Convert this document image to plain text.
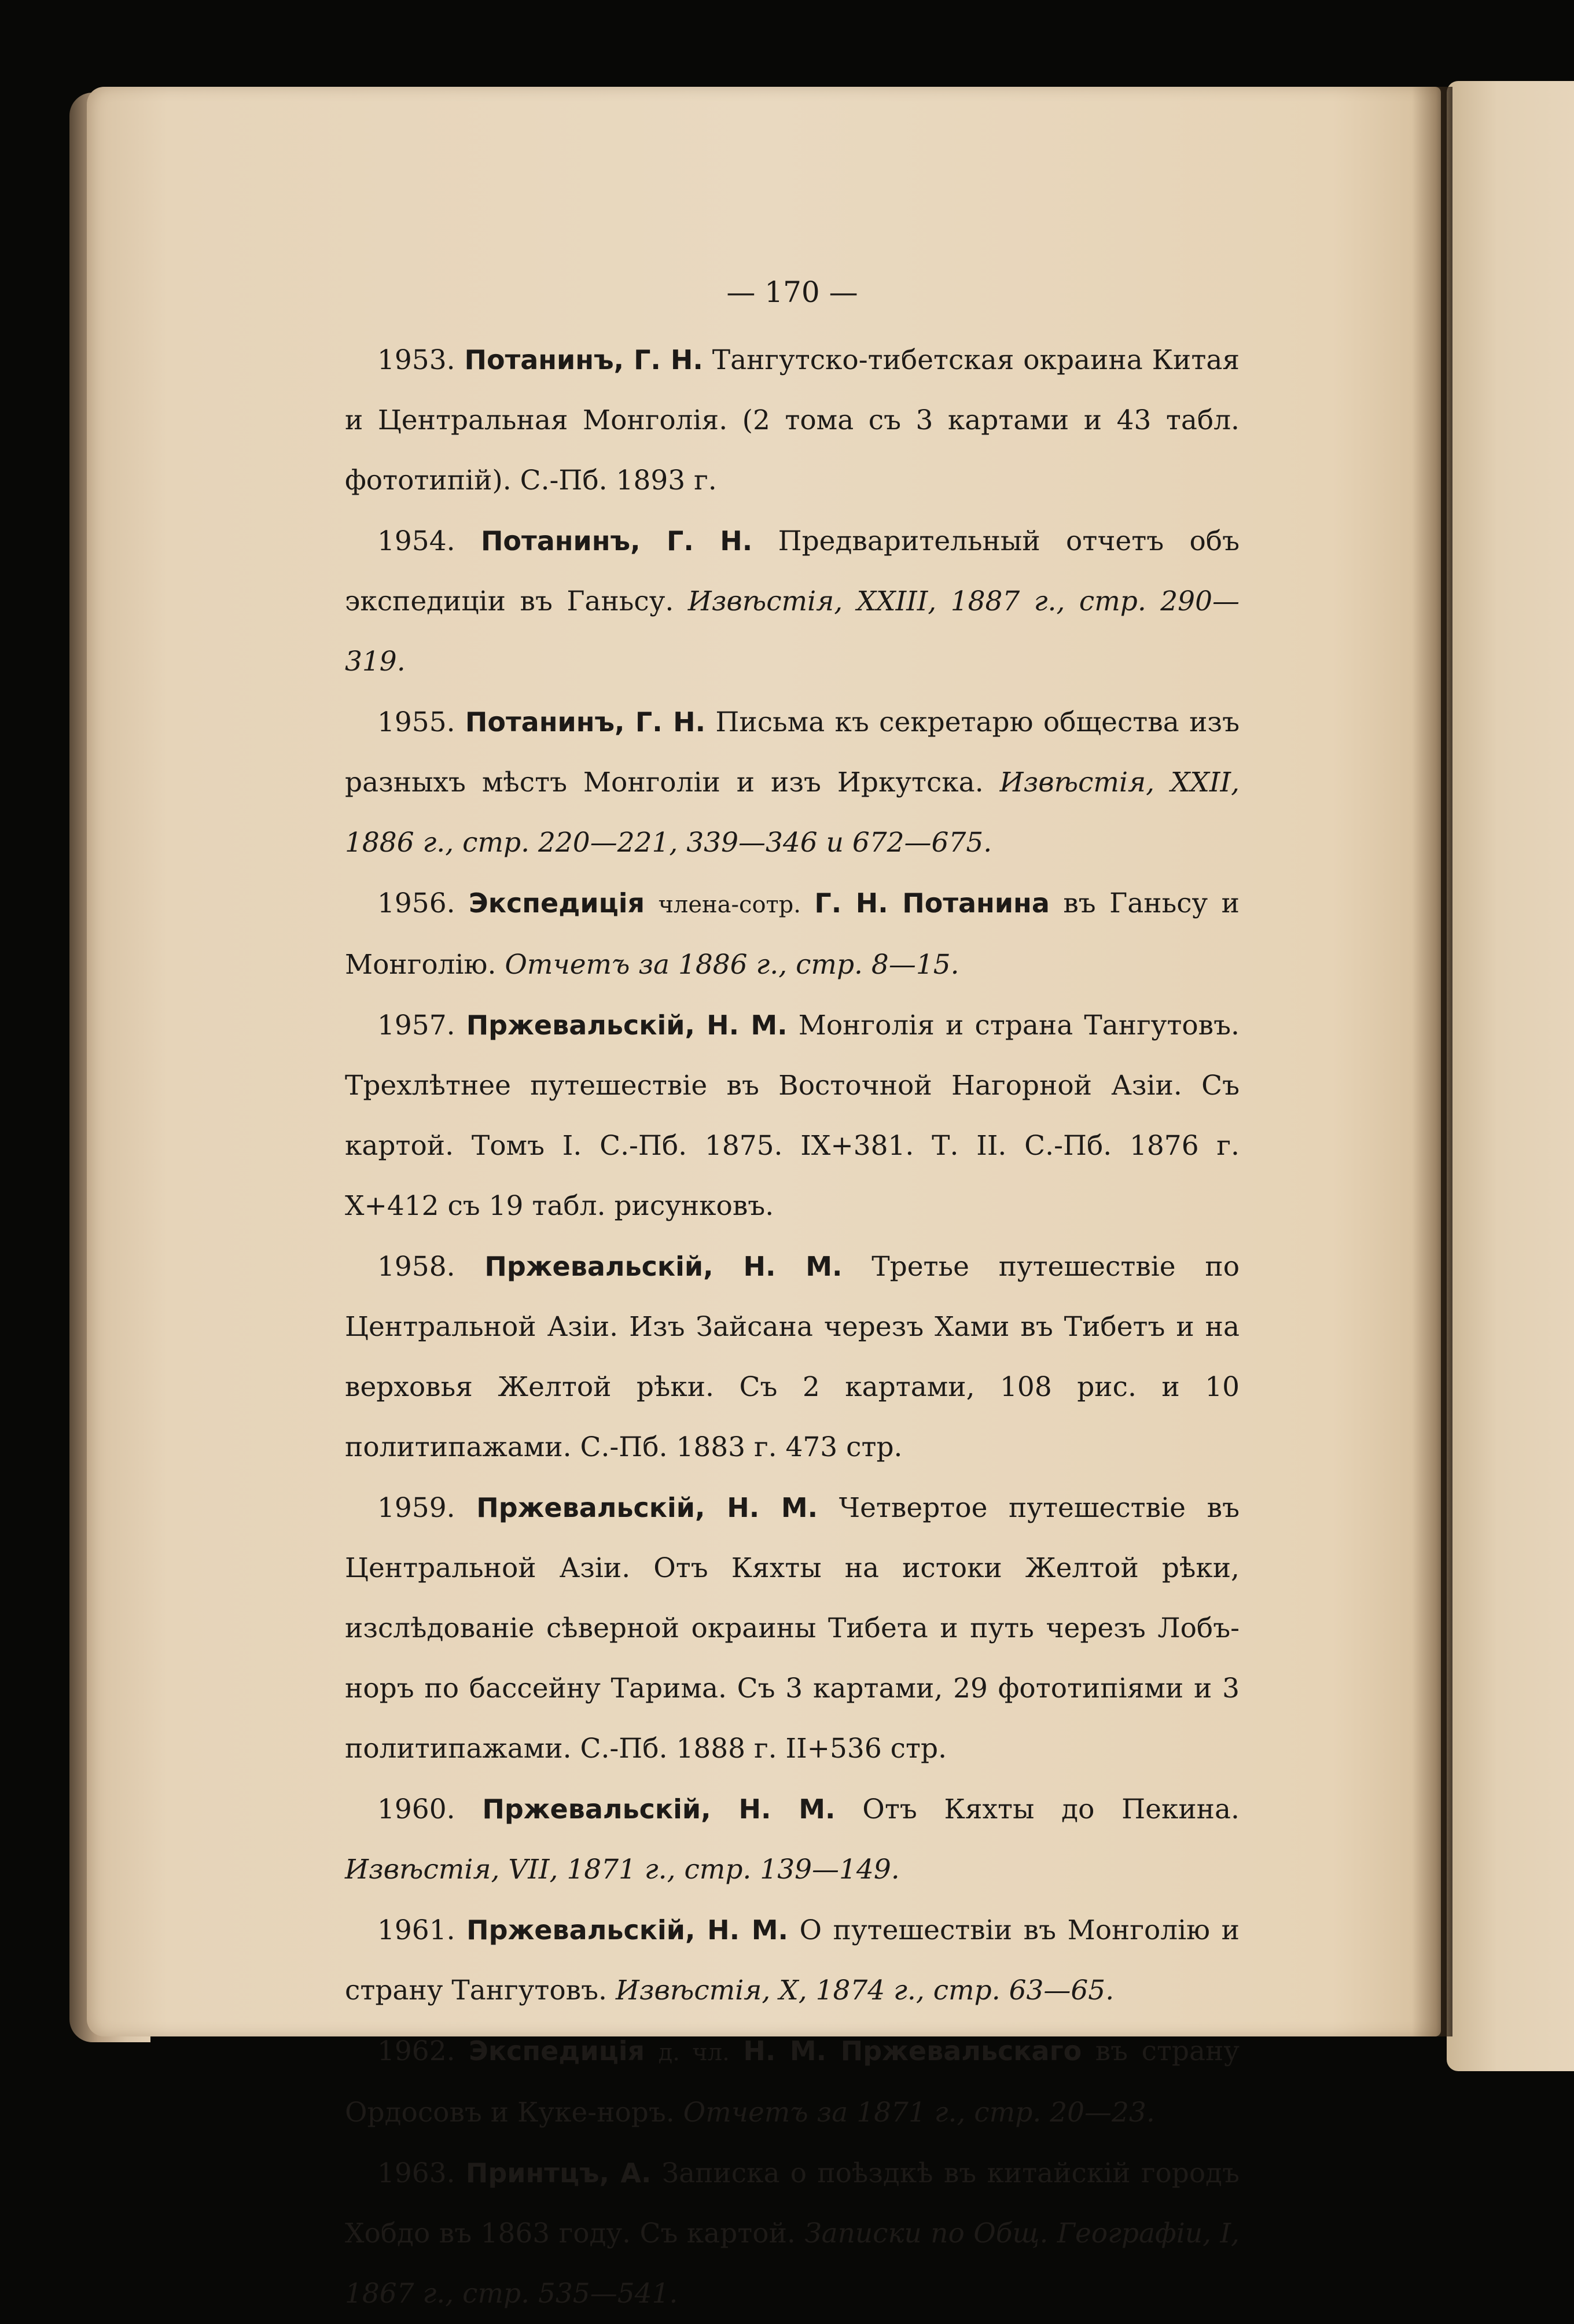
— 170 —

1953. Потанинъ, Г. Н. Тангутско-тибетская окраина Китая и Центральная Монголія. (2 тома съ 3 картами и 43 табл. фототипій). С.-Пб. 1893 г.

1954. Потанинъ, Г. Н. Предварительный отчетъ объ экспедиціи въ Ганьсу. Извѣстія, XXIII, 1887 г., стр. 290—319.

1955. Потанинъ, Г. Н. Письма къ секретарю общества изъ разныхъ мѣстъ Монголіи и изъ Иркутска. Извѣстія, XXII, 1886 г., стр. 220—221, 339—346 и 672—675.

1956. Экспедиція члена-сотр. Г. Н. Потанина въ Ганьсу и Монголію. Отчетъ за 1886 г., стр. 8—15.

1957. Пржевальскій, Н. М. Монголія и страна Тангутовъ. Трехлѣтнее путешествіе въ Восточной Нагорной Азіи. Съ картой. Томъ I. С.-Пб. 1875. IX+381. Т. II. С.-Пб. 1876 г. X+412 съ 19 табл. рисунковъ.

1958. Пржевальскій, Н. М. Третье путешествіе по Центральной Азіи. Изъ Зайсана черезъ Хами въ Тибетъ и на верховья Желтой рѣки. Съ 2 картами, 108 рис. и 10 политипажами. С.-Пб. 1883 г. 473 стр.

1959. Пржевальскій, Н. М. Четвертое путешествіе въ Центральной Азіи. Отъ Кяхты на истоки Желтой рѣки, изслѣдованіе сѣверной окраины Тибета и путь черезъ Лобъ-норъ по бассейну Тарима. Съ 3 картами, 29 фототипіями и 3 политипажами. С.-Пб. 1888 г. II+536 стр.

1960. Пржевальскій, Н. М. Отъ Кяхты до Пекина. Извѣстія, VII, 1871 г., стр. 139—149.

1961. Пржевальскій, Н. М. О путешествіи въ Монголію и страну Тангутовъ. Извѣстія, X, 1874 г., стр. 63—65.

1962. Экспедиція д. чл. Н. М. Пржевальскаго въ страну Ордосовъ и Куке-норъ. Отчетъ за 1871 г., стр. 20—23.

1963. Принтцъ, А. Записка о поѣздкѣ въ китайскій городъ Хобдо въ 1863 году. Съ картой. Записки по Общ. Географіи, I, 1867 г., стр. 535—541.
